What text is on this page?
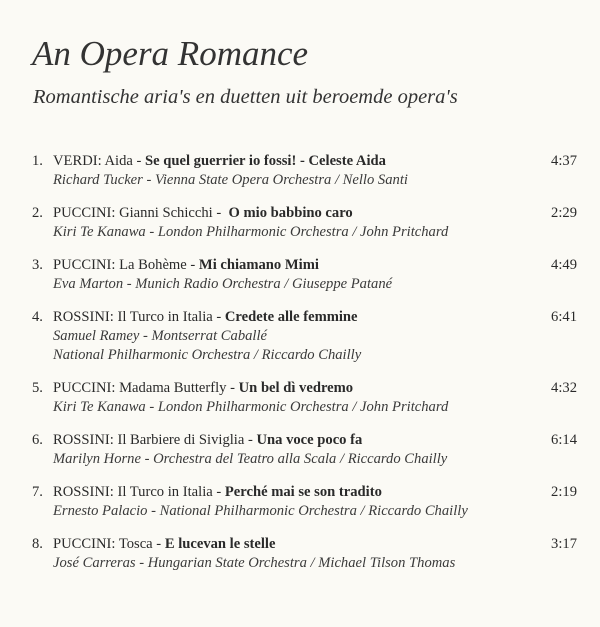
An Opera Romance
Romantische aria's en duetten uit beroemde opera's
1. VERDI: Aida - Se quel guerrier io fossi! - Celeste Aida	4:37
Richard Tucker - Vienna State Opera Orchestra / Nello Santi
2. PUCCINI: Gianni Schicchi -  O mio babbino caro	2:29
Kiri Te Kanawa - London Philharmonic Orchestra / John Pritchard
3. PUCCINI: La Bohème - Mi chiamano Mimi	4:49
Eva Marton - Munich Radio Orchestra / Giuseppe Patané
4. ROSSINI: Il Turco in Italia - Credete alle femmine	6:41
Samuel Ramey - Montserrat Caballé
National Philharmonic Orchestra / Riccardo Chailly
5. PUCCINI: Madama Butterfly - Un bel dì vedremo	4:32
Kiri Te Kanawa - London Philharmonic Orchestra / John Pritchard
6. ROSSINI: Il Barbiere di Siviglia - Una voce poco fa	6:14
Marilyn Horne - Orchestra del Teatro alla Scala / Riccardo Chailly
7. ROSSINI: Il Turco in Italia - Perché mai se son tradito	2:19
Ernesto Palacio - National Philharmonic Orchestra / Riccardo Chailly
8. PUCCINI: Tosca - E lucevan le stelle	3:17
José Carreras - Hungarian State Orchestra / Michael Tilson Thomas
